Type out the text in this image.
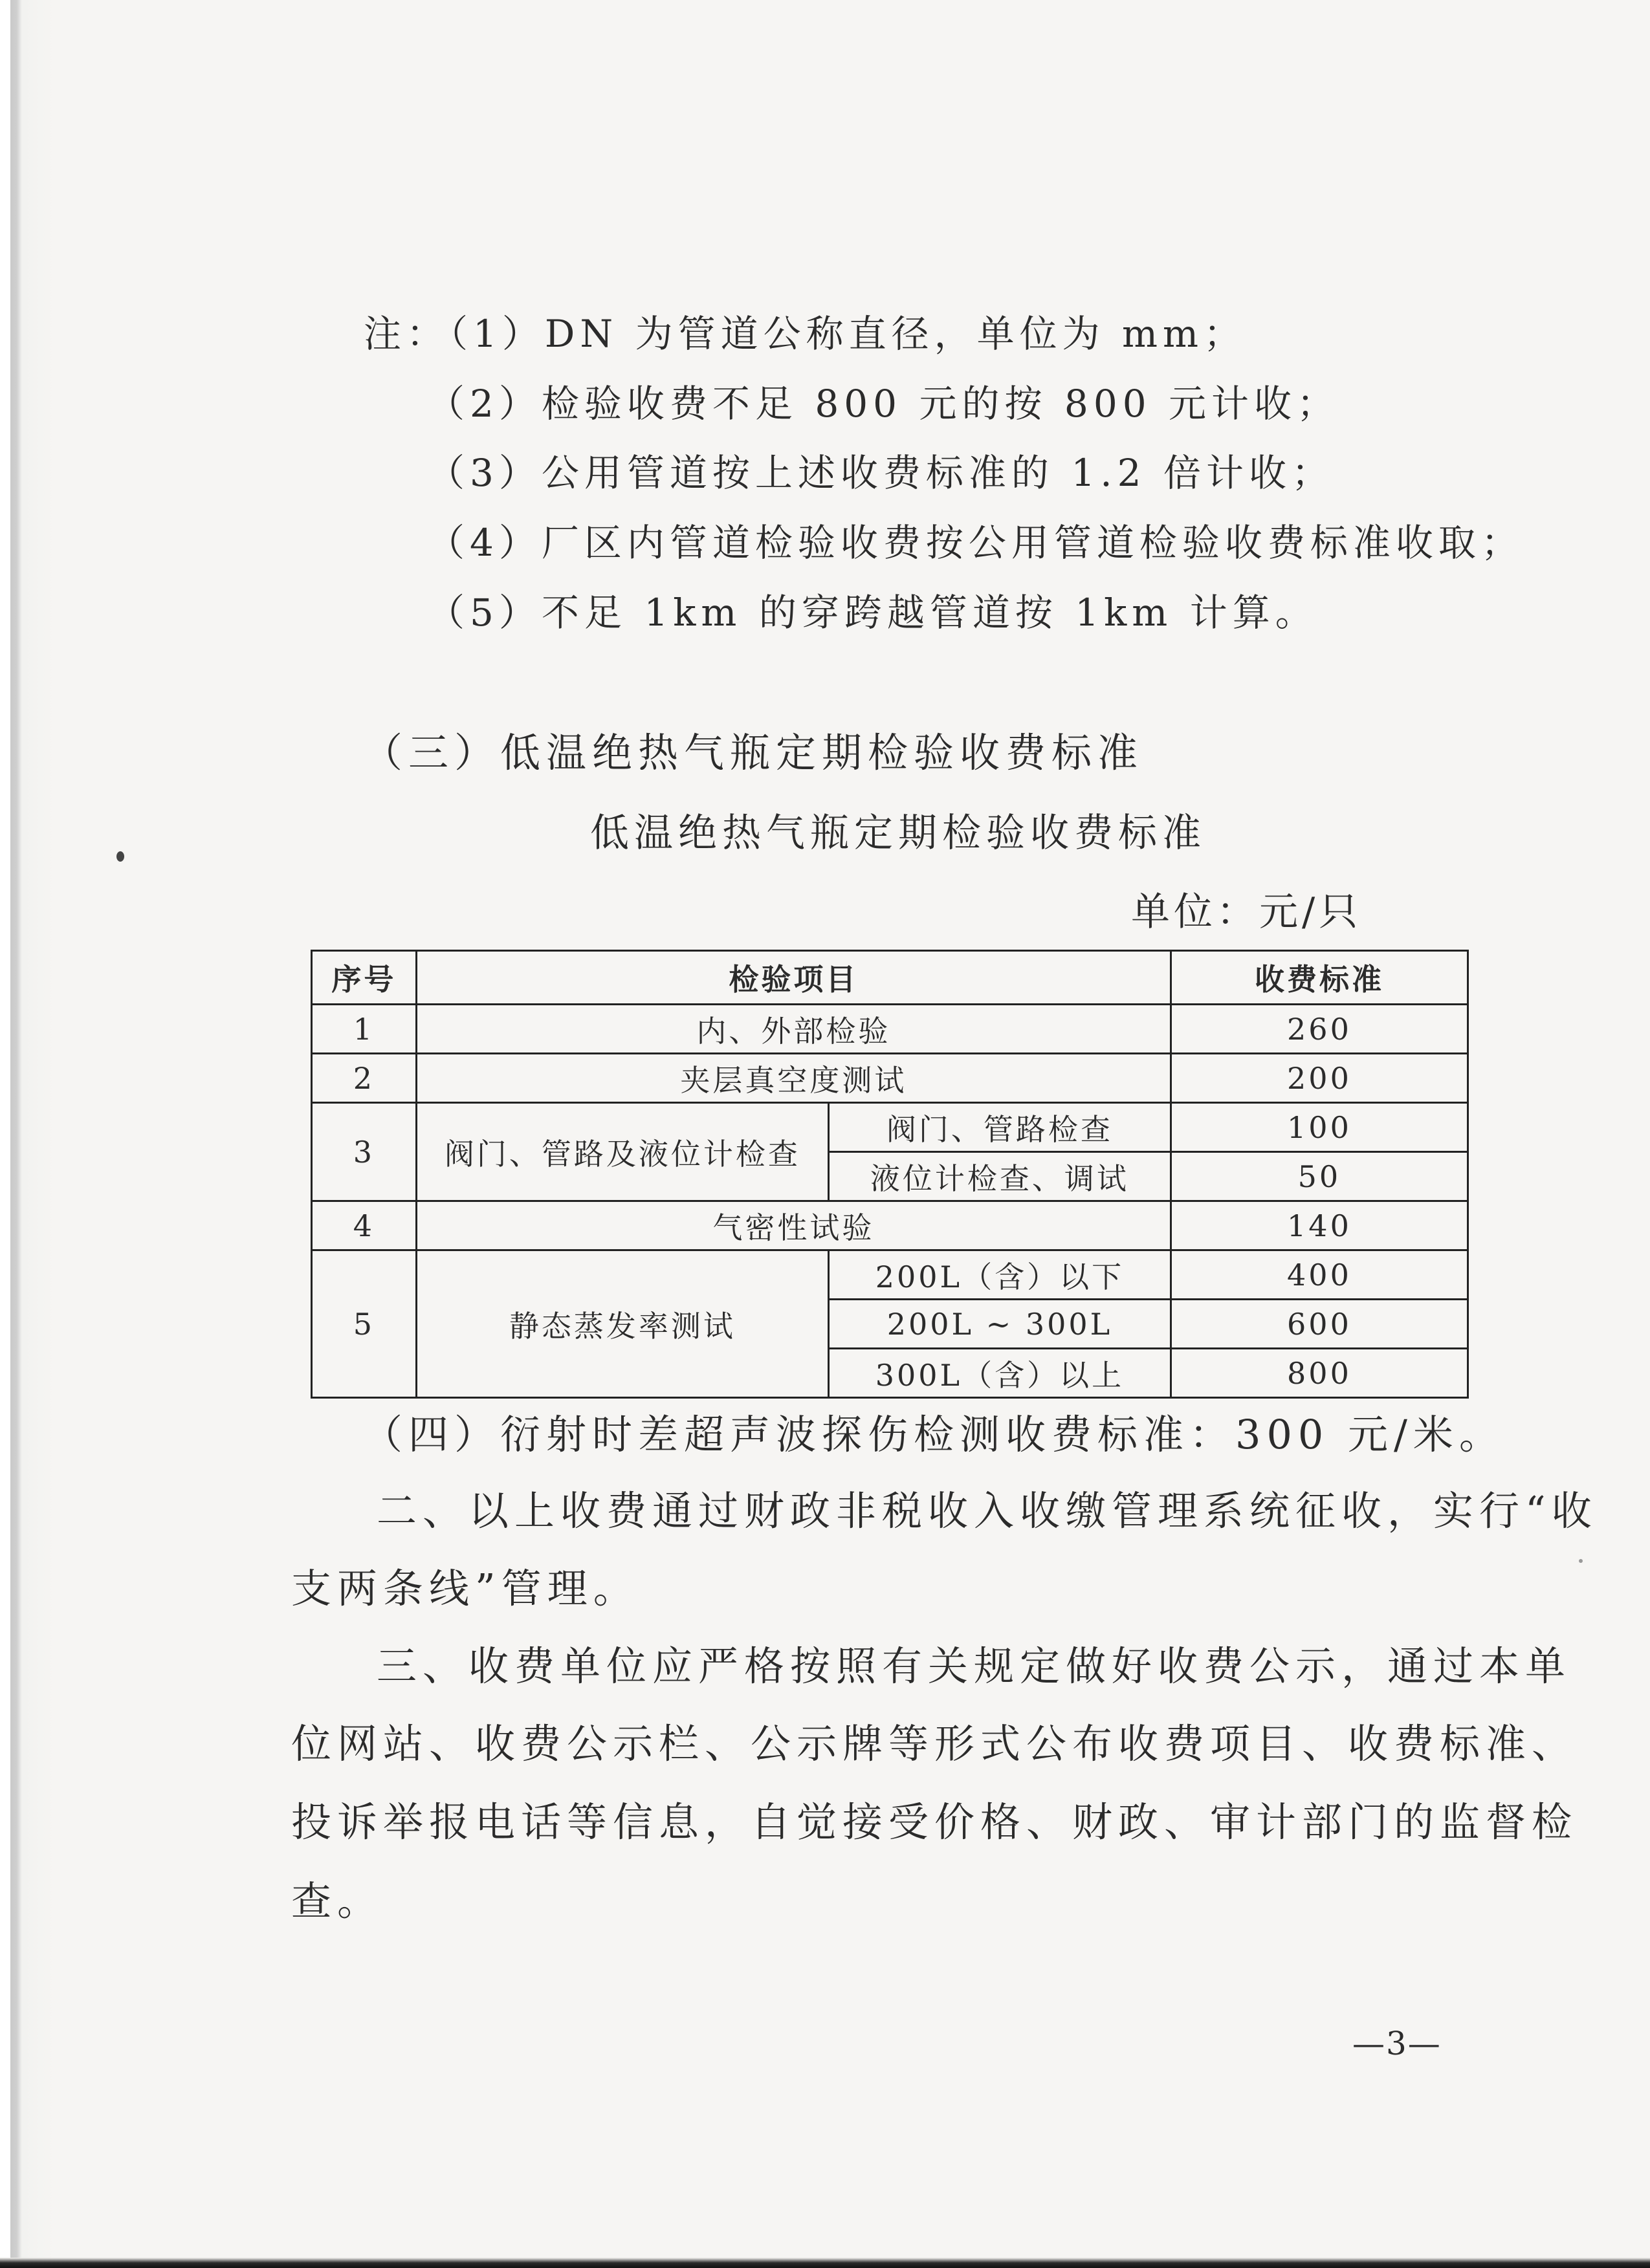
注：（1）DN 为管道公称直径，单位为 mm；
（2）检验收费不足 800 元的按 800 元计收；
（3）公用管道按上述收费标准的 1.2 倍计收；
（4）厂区内管道检验收费按公用管道检验收费标准收取；
（5）不足 1km 的穿跨越管道按 1km 计算。
（三）低温绝热气瓶定期检验收费标准
低温绝热气瓶定期检验收费标准
单位：元/只
序号	检验项目		收费标准
1	内、外部检验		260
2	夹层真空度测试		200
3	阀门、管路及液位计检查	阀门、管路检查	100
		液位计检查、调试	50
4	气密性试验		140
5	静态蒸发率测试	200L（含）以下	400
		200L ~ 300L	600
		300L（含）以上	800
（四）衍射时差超声波探伤检测收费标准：300 元/米。
二、以上收费通过财政非税收入收缴管理系统征收，实行“收
支两条线”管理。
三、收费单位应严格按照有关规定做好收费公示，通过本单
位网站、收费公示栏、公示牌等形式公布收费项目、收费标准、
投诉举报电话等信息，自觉接受价格、财政、审计部门的监督检
查。
—3—
